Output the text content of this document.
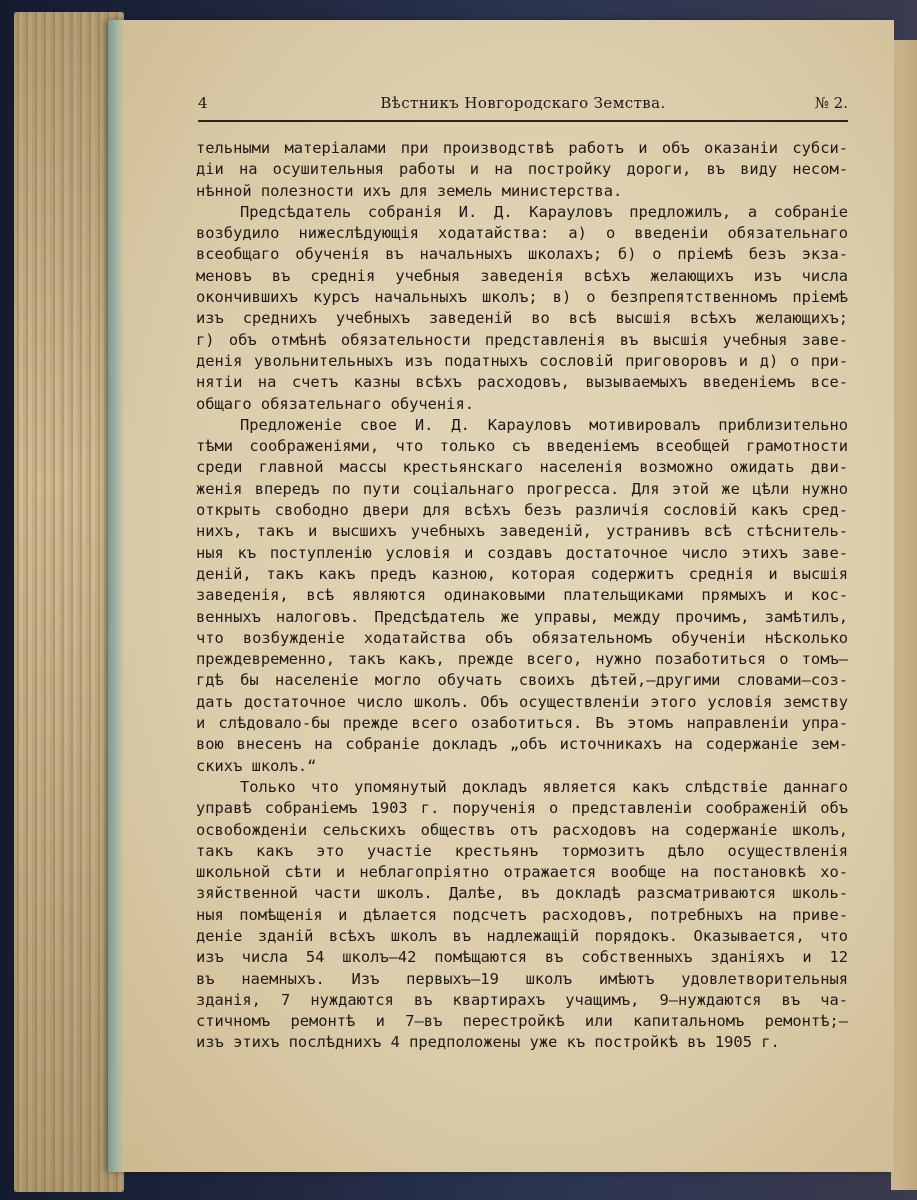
4	Вѣстникъ Новгородскаго Земства.	№ 2.
тельными матеріалами при производствѣ работъ и объ оказаніи субси-
діи на осушительныя работы и на постройку дороги, въ виду несом-
нѣнной полезности ихъ для земель министерства.
Предсѣдатель собранія И. Д. Карауловъ предложилъ, а собраніе
возбудило нижеслѣдующія ходатайства: а) о введеніи обязательнаго
всеобщаго обученія въ начальныхъ школахъ; б) о пріемѣ безъ экза-
меновъ въ среднія учебныя заведенія всѣхъ желающихъ изъ числа
окончившихъ курсъ начальныхъ школъ; в) о безпрепятственномъ пріемѣ
изъ среднихъ учебныхъ заведеній во всѣ высшія всѣхъ желающихъ;
г) объ отмѣнѣ обязательности представленія въ высшія учебныя заве-
денія увольнительныхъ изъ податныхъ сословій приговоровъ и д) о при-
нятіи на счетъ казны всѣхъ расходовъ, вызываемыхъ введеніемъ все-
общаго обязательнаго обученія.
Предложеніе свое И. Д. Карауловъ мотивировалъ приблизительно
тѣми соображеніями, что только съ введеніемъ всеобщей грамотности
среди главной массы крестьянскаго населенія возможно ожидать дви-
женія впередъ по пути соціальнаго прогресса. Для этой же цѣли нужно
открыть свободно двери для всѣхъ безъ различія сословій какъ сред-
нихъ, такъ и высшихъ учебныхъ заведеній, устранивъ всѣ стѣснитель-
ныя къ поступленію условія и создавъ достаточное число этихъ заве-
деній, такъ какъ предъ казною, которая содержитъ среднія и высшія
заведенія, всѣ являются одинаковыми плательщиками прямыхъ и кос-
венныхъ налоговъ. Предсѣдатель же управы, между прочимъ, замѣтилъ,
что возбужденіе ходатайства объ обязательномъ обученіи нѣсколько
преждевременно, такъ какъ, прежде всего, нужно позаботиться о томъ—
гдѣ бы населеніе могло обучать своихъ дѣтей,—другими словами—соз-
дать достаточное число школъ. Объ осуществленіи этого условія земству
и слѣдовало-бы прежде всего озаботиться. Въ этомъ направленіи упра-
вою внесенъ на собраніе докладъ „объ источникахъ на содержаніе зем-
скихъ школъ.“
Только что упомянутый докладъ является какъ слѣдствіе даннаго
управѣ собраніемъ 1903 г. порученія о представленіи соображеній объ
освобожденіи сельскихъ обществъ отъ расходовъ на содержаніе школъ,
такъ какъ это участіе крестьянъ тормозитъ дѣло осуществленія
школьной сѣти и неблагопріятно отражается вообще на постановкѣ хо-
зяйственной части школъ. Далѣе, въ докладѣ разсматриваются школь-
ныя помѣщенія и дѣлается подсчетъ расходовъ, потребныхъ на приве-
деніе зданій всѣхъ школъ въ надлежащій порядокъ. Оказывается, что
изъ числа 54 школъ—42 помѣщаются въ собственныхъ зданіяхъ и 12
въ наемныхъ. Изъ первыхъ—19 школъ имѣютъ удовлетворительныя
зданія, 7 нуждаются въ квартирахъ учащимъ, 9—нуждаются въ ча-
стичномъ ремонтѣ и 7—въ перестройкѣ или капитальномъ ремонтѣ;—
изъ этихъ послѣднихъ 4 предположены уже къ постройкѣ въ 1905 г.
